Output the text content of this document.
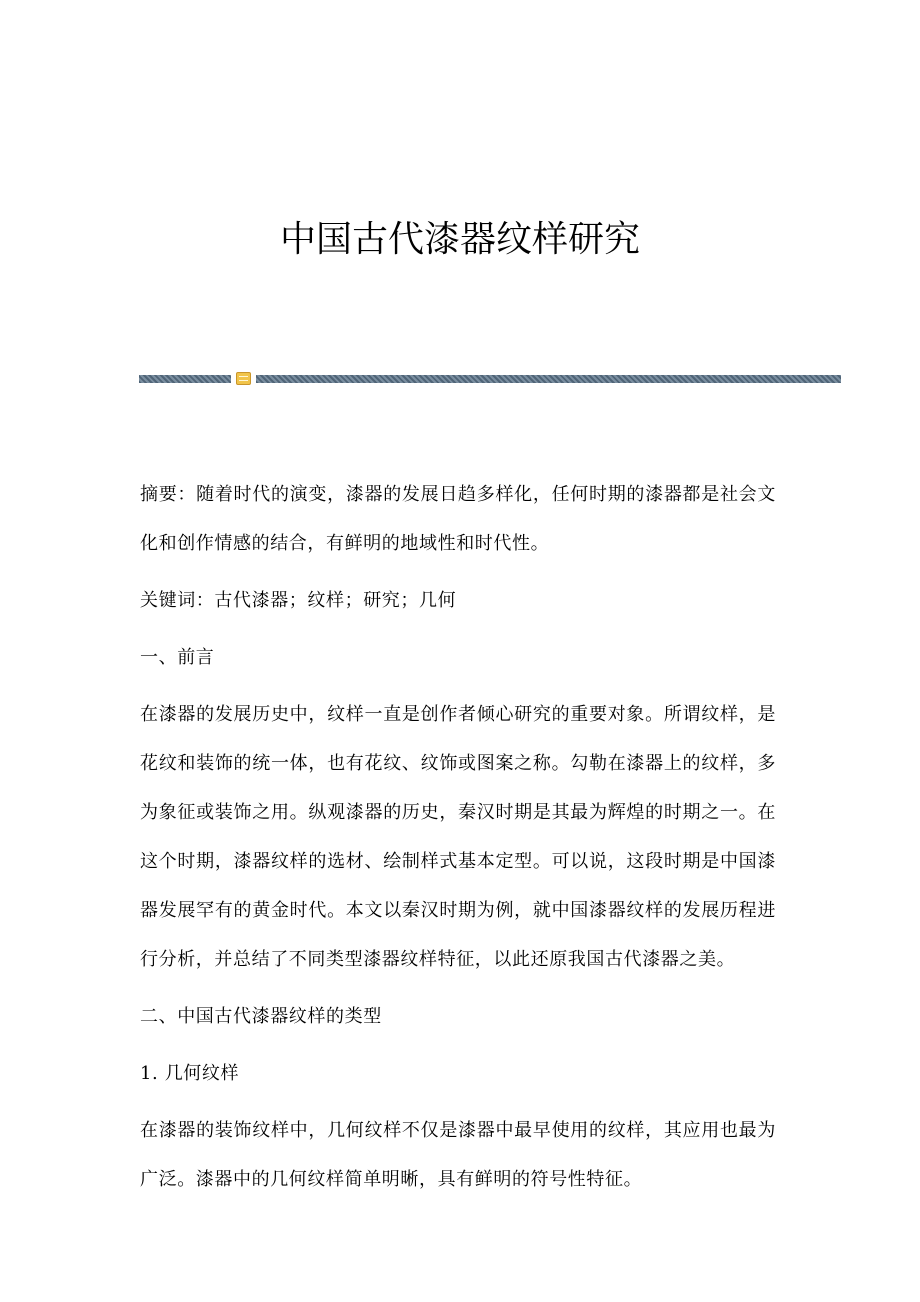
中国古代漆器纹样研究

摘要：随着时代的演变，漆器的发展日趋多样化，任何时期的漆器都是社会文化和创作情感的结合，有鲜明的地域性和时代性。

关键词：古代漆器；纹样；研究；几何

一、前言

在漆器的发展历史中，纹样一直是创作者倾心研究的重要对象。所谓纹样，是花纹和装饰的统一体，也有花纹、纹饰或图案之称。勾勒在漆器上的纹样，多为象征或装饰之用。纵观漆器的历史，秦汉时期是其最为辉煌的时期之一。在这个时期，漆器纹样的选材、绘制样式基本定型。可以说，这段时期是中国漆器发展罕有的黄金时代。本文以秦汉时期为例，就中国漆器纹样的发展历程进行分析，并总结了不同类型漆器纹样特征，以此还原我国古代漆器之美。

二、中国古代漆器纹样的类型

1. 几何纹样

在漆器的装饰纹样中，几何纹样不仅是漆器中最早使用的纹样，其应用也最为广泛。漆器中的几何纹样简单明晰，具有鲜明的符号性特征。
